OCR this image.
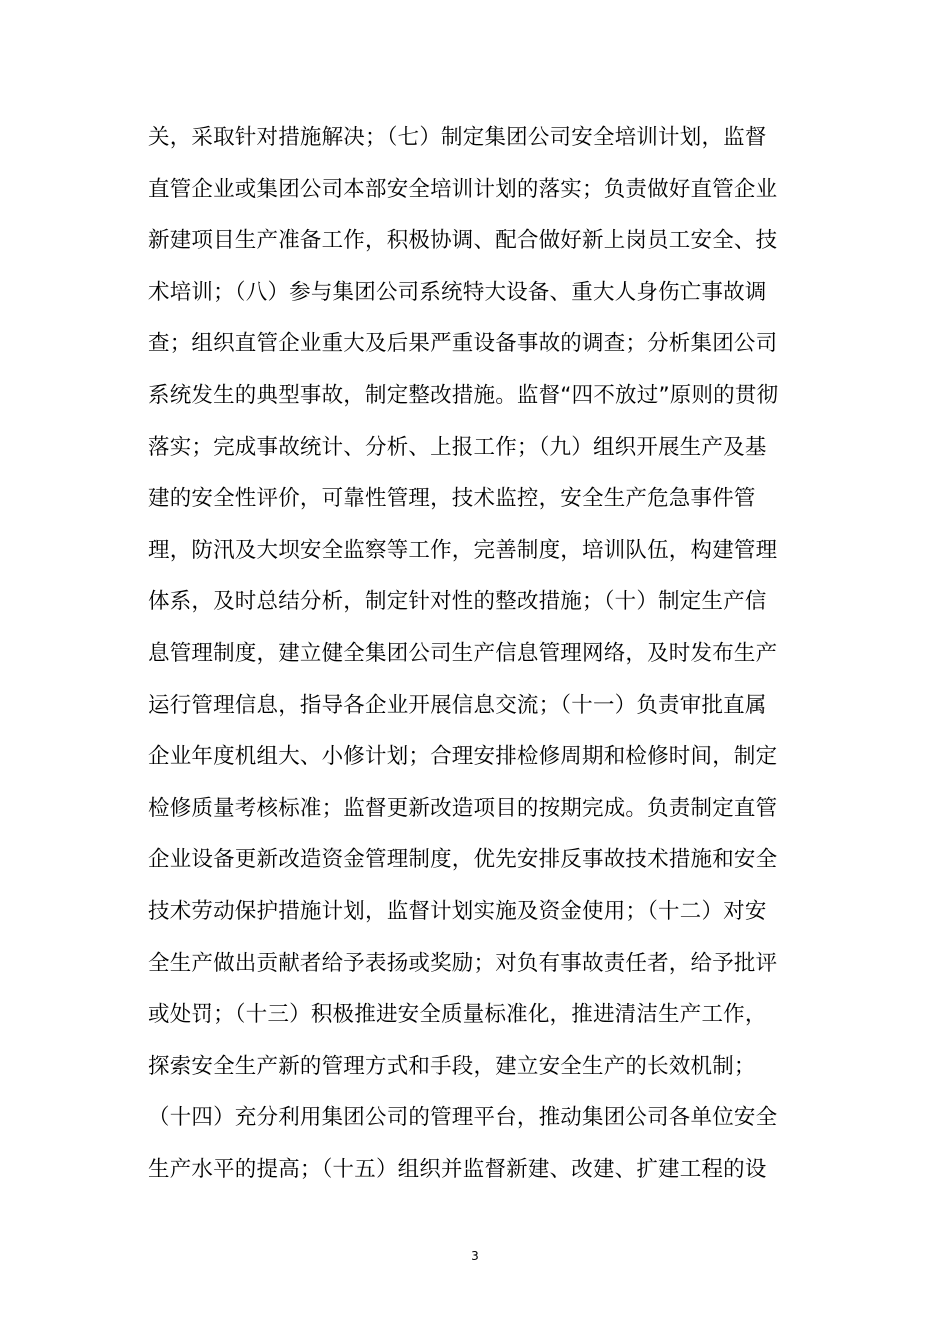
关，采取针对措施解决；（七）制定集团公司安全培训计划，监督
直管企业或集团公司本部安全培训计划的落实；负责做好直管企业
新建项目生产准备工作，积极协调、配合做好新上岗员工安全、技
术培训；（八）参与集团公司系统特大设备、重大人身伤亡事故调
查；组织直管企业重大及后果严重设备事故的调查；分析集团公司
系统发生的典型事故，制定整改措施。监督“四不放过”原则的贯彻
落实；完成事故统计、分析、上报工作；（九）组织开展生产及基
建的安全性评价，可靠性管理，技术监控，安全生产危急事件管
理，防汛及大坝安全监察等工作，完善制度，培训队伍，构建管理
体系，及时总结分析，制定针对性的整改措施；（十）制定生产信
息管理制度，建立健全集团公司生产信息管理网络，及时发布生产
运行管理信息，指导各企业开展信息交流；（十一）负责审批直属
企业年度机组大、小修计划；合理安排检修周期和检修时间，制定
检修质量考核标准；监督更新改造项目的按期完成。负责制定直管
企业设备更新改造资金管理制度，优先安排反事故技术措施和安全
技术劳动保护措施计划，监督计划实施及资金使用；（十二）对安
全生产做出贡献者给予表扬或奖励；对负有事故责任者，给予批评
或处罚；（十三）积极推进安全质量标准化，推进清洁生产工作，
探索安全生产新的管理方式和手段，建立安全生产的长效机制；
（十四）充分利用集团公司的管理平台，推动集团公司各单位安全
生产水平的提高；（十五）组织并监督新建、改建、扩建工程的设
3
